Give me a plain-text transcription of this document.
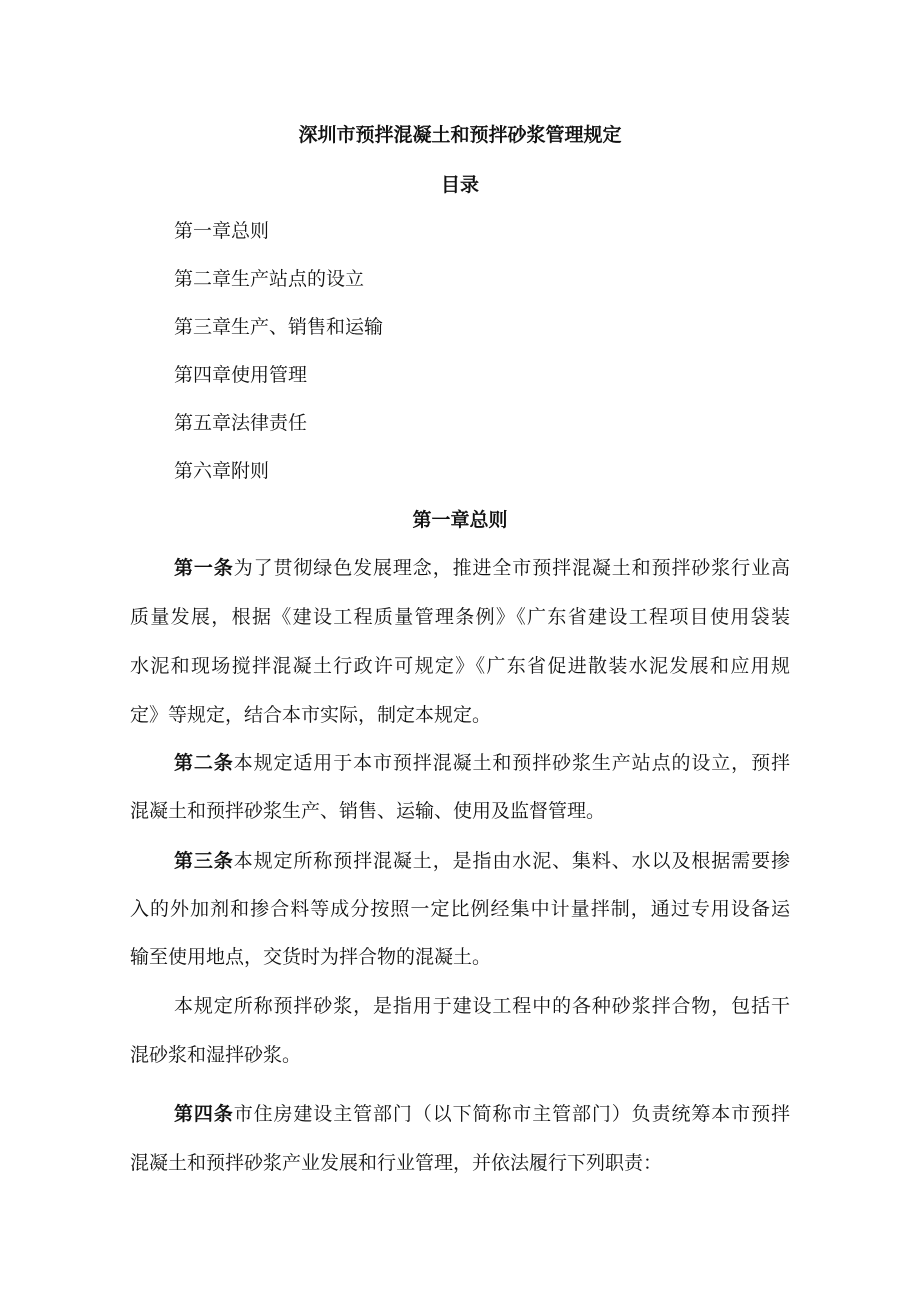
深圳市预拌混凝土和预拌砂浆管理规定
目录
第一章总则
第二章生产站点的设立
第三章生产、销售和运输
第四章使用管理
第五章法律责任
第六章附则
第一章总则
第一条为了贯彻绿色发展理念，推进全市预拌混凝土和预拌砂浆行业高
质量发展，根据《建设工程质量管理条例》《广东省建设工程项目使用袋装
水泥和现场搅拌混凝土行政许可规定》《广东省促进散装水泥发展和应用规
定》等规定，结合本市实际，制定本规定。
第二条本规定适用于本市预拌混凝土和预拌砂浆生产站点的设立，预拌
混凝土和预拌砂浆生产、销售、运输、使用及监督管理。
第三条本规定所称预拌混凝土，是指由水泥、集料、水以及根据需要掺
入的外加剂和掺合料等成分按照一定比例经集中计量拌制，通过专用设备运
输至使用地点，交货时为拌合物的混凝土。
本规定所称预拌砂浆，是指用于建设工程中的各种砂浆拌合物，包括干
混砂浆和湿拌砂浆。
第四条市住房建设主管部门（以下简称市主管部门）负责统筹本市预拌
混凝土和预拌砂浆产业发展和行业管理，并依法履行下列职责：
